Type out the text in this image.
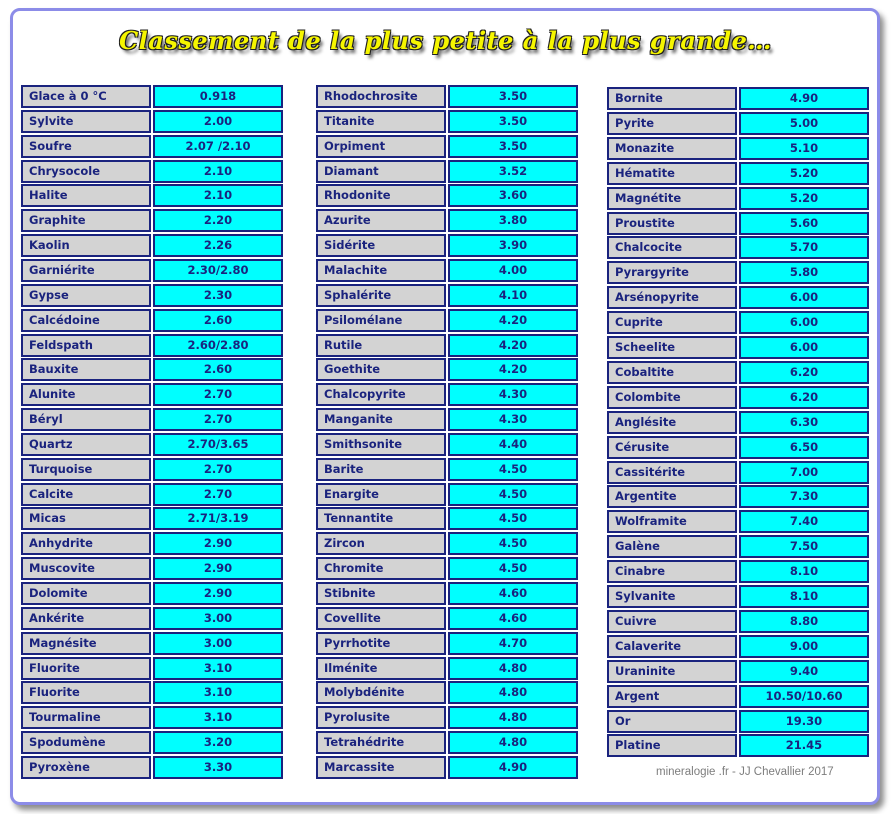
Classement de la plus petite à la plus grande…
Glace à 0 °C	0.918
Sylvite	2.00
Soufre	2.07 /2.10
Chrysocole	2.10
Halite	2.10
Graphite	2.20
Kaolin	2.26
Garniérite	2.30/2.80
Gypse	2.30
Calcédoine	2.60
Feldspath	2.60/2.80
Bauxite	2.60
Alunite	2.70
Béryl	2.70
Quartz	2.70/3.65
Turquoise	2.70
Calcite	2.70
Micas	2.71/3.19
Anhydrite	2.90
Muscovite	2.90
Dolomite	2.90
Ankérite	3.00
Magnésite	3.00
Fluorite	3.10
Fluorite	3.10
Tourmaline	3.10
Spodumène	3.20
Pyroxène	3.30
Rhodochrosite	3.50
Titanite	3.50
Orpiment	3.50
Diamant	3.52
Rhodonite	3.60
Azurite	3.80
Sidérite	3.90
Malachite	4.00
Sphalérite	4.10
Psilomélane	4.20
Rutile	4.20
Goethite	4.20
Chalcopyrite	4.30
Manganite	4.30
Smithsonite	4.40
Barite	4.50
Enargite	4.50
Tennantite	4.50
Zircon	4.50
Chromite	4.50
Stibnite	4.60
Covellite	4.60
Pyrrhotite	4.70
Ilménite	4.80
Molybdénite	4.80
Pyrolusite	4.80
Tetrahédrite	4.80
Marcassite	4.90
Bornite	4.90
Pyrite	5.00
Monazite	5.10
Hématite	5.20
Magnétite	5.20
Proustite	5.60
Chalcocite	5.70
Pyrargyrite	5.80
Arsénopyrite	6.00
Cuprite	6.00
Scheelite	6.00
Cobaltite	6.20
Colombite	6.20
Anglésite	6.30
Cérusite	6.50
Cassitérite	7.00
Argentite	7.30
Wolframite	7.40
Galène	7.50
Cinabre	8.10
Sylvanite	8.10
Cuivre	8.80
Calaverite	9.00
Uraninite	9.40
Argent	10.50/10.60
Or	19.30
Platine	21.45
mineralogie .fr - JJ Chevallier 2017
